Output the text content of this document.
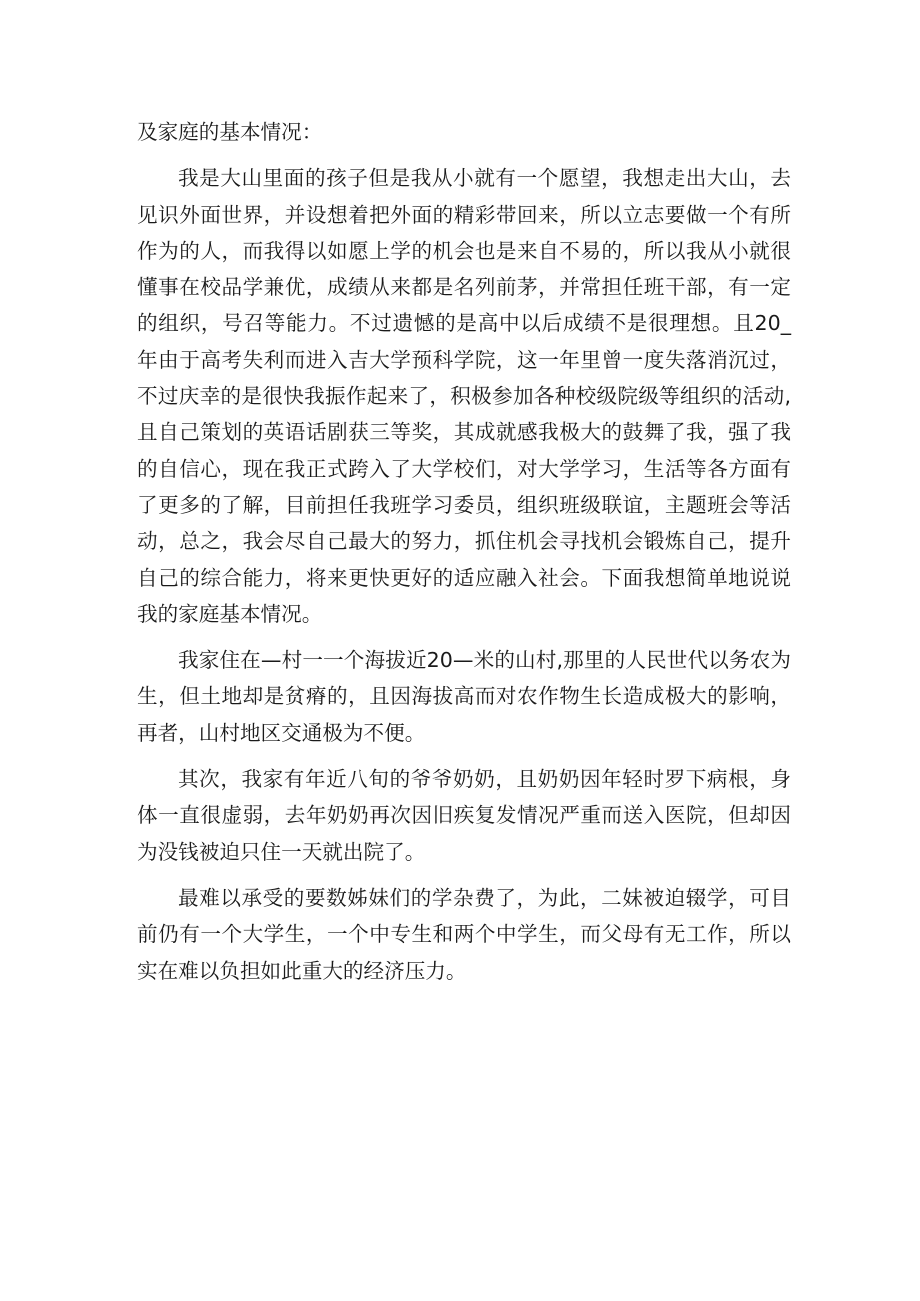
及家庭的基本情况：

我是大山里面的孩子但是我从小就有一个愿望，我想走出大山，去见识外面世界，并设想着把外面的精彩带回来，所以立志要做一个有所作为的人，而我得以如愿上学的机会也是来自不易的，所以我从小就很懂事在校品学兼优，成绩从来都是名列前茅，并常担任班干部，有一定的组织，号召等能力。不过遗憾的是高中以后成绩不是很理想。且20_年由于高考失利而进入吉大学预科学院，这一年里曾一度失落消沉过，不过庆幸的是很快我振作起来了，积极参加各种校级院级等组织的活动,且自己策划的英语话剧获三等奖，其成就感我极大的鼓舞了我，强了我的自信心，现在我正式跨入了大学校们，对大学学习，生活等各方面有了更多的了解，目前担任我班学习委员，组织班级联谊，主题班会等活动，总之，我会尽自己最大的努力，抓住机会寻找机会锻炼自己，提升自己的综合能力，将来更快更好的适应融入社会。下面我想简单地说说我的家庭基本情况。

我家住在—村一一个海拔近20—米的山村,那里的人民世代以务农为生，但土地却是贫瘠的，且因海拔高而对农作物生长造成极大的影响，再者，山村地区交通极为不便。

其次，我家有年近八旬的爷爷奶奶，且奶奶因年轻时罗下病根，身体一直很虚弱，去年奶奶再次因旧疾复发情况严重而送入医院，但却因为没钱被迫只住一天就出院了。

最难以承受的要数姊妹们的学杂费了，为此，二妹被迫辍学，可目前仍有一个大学生，一个中专生和两个中学生，而父母有无工作，所以实在难以负担如此重大的经济压力。
